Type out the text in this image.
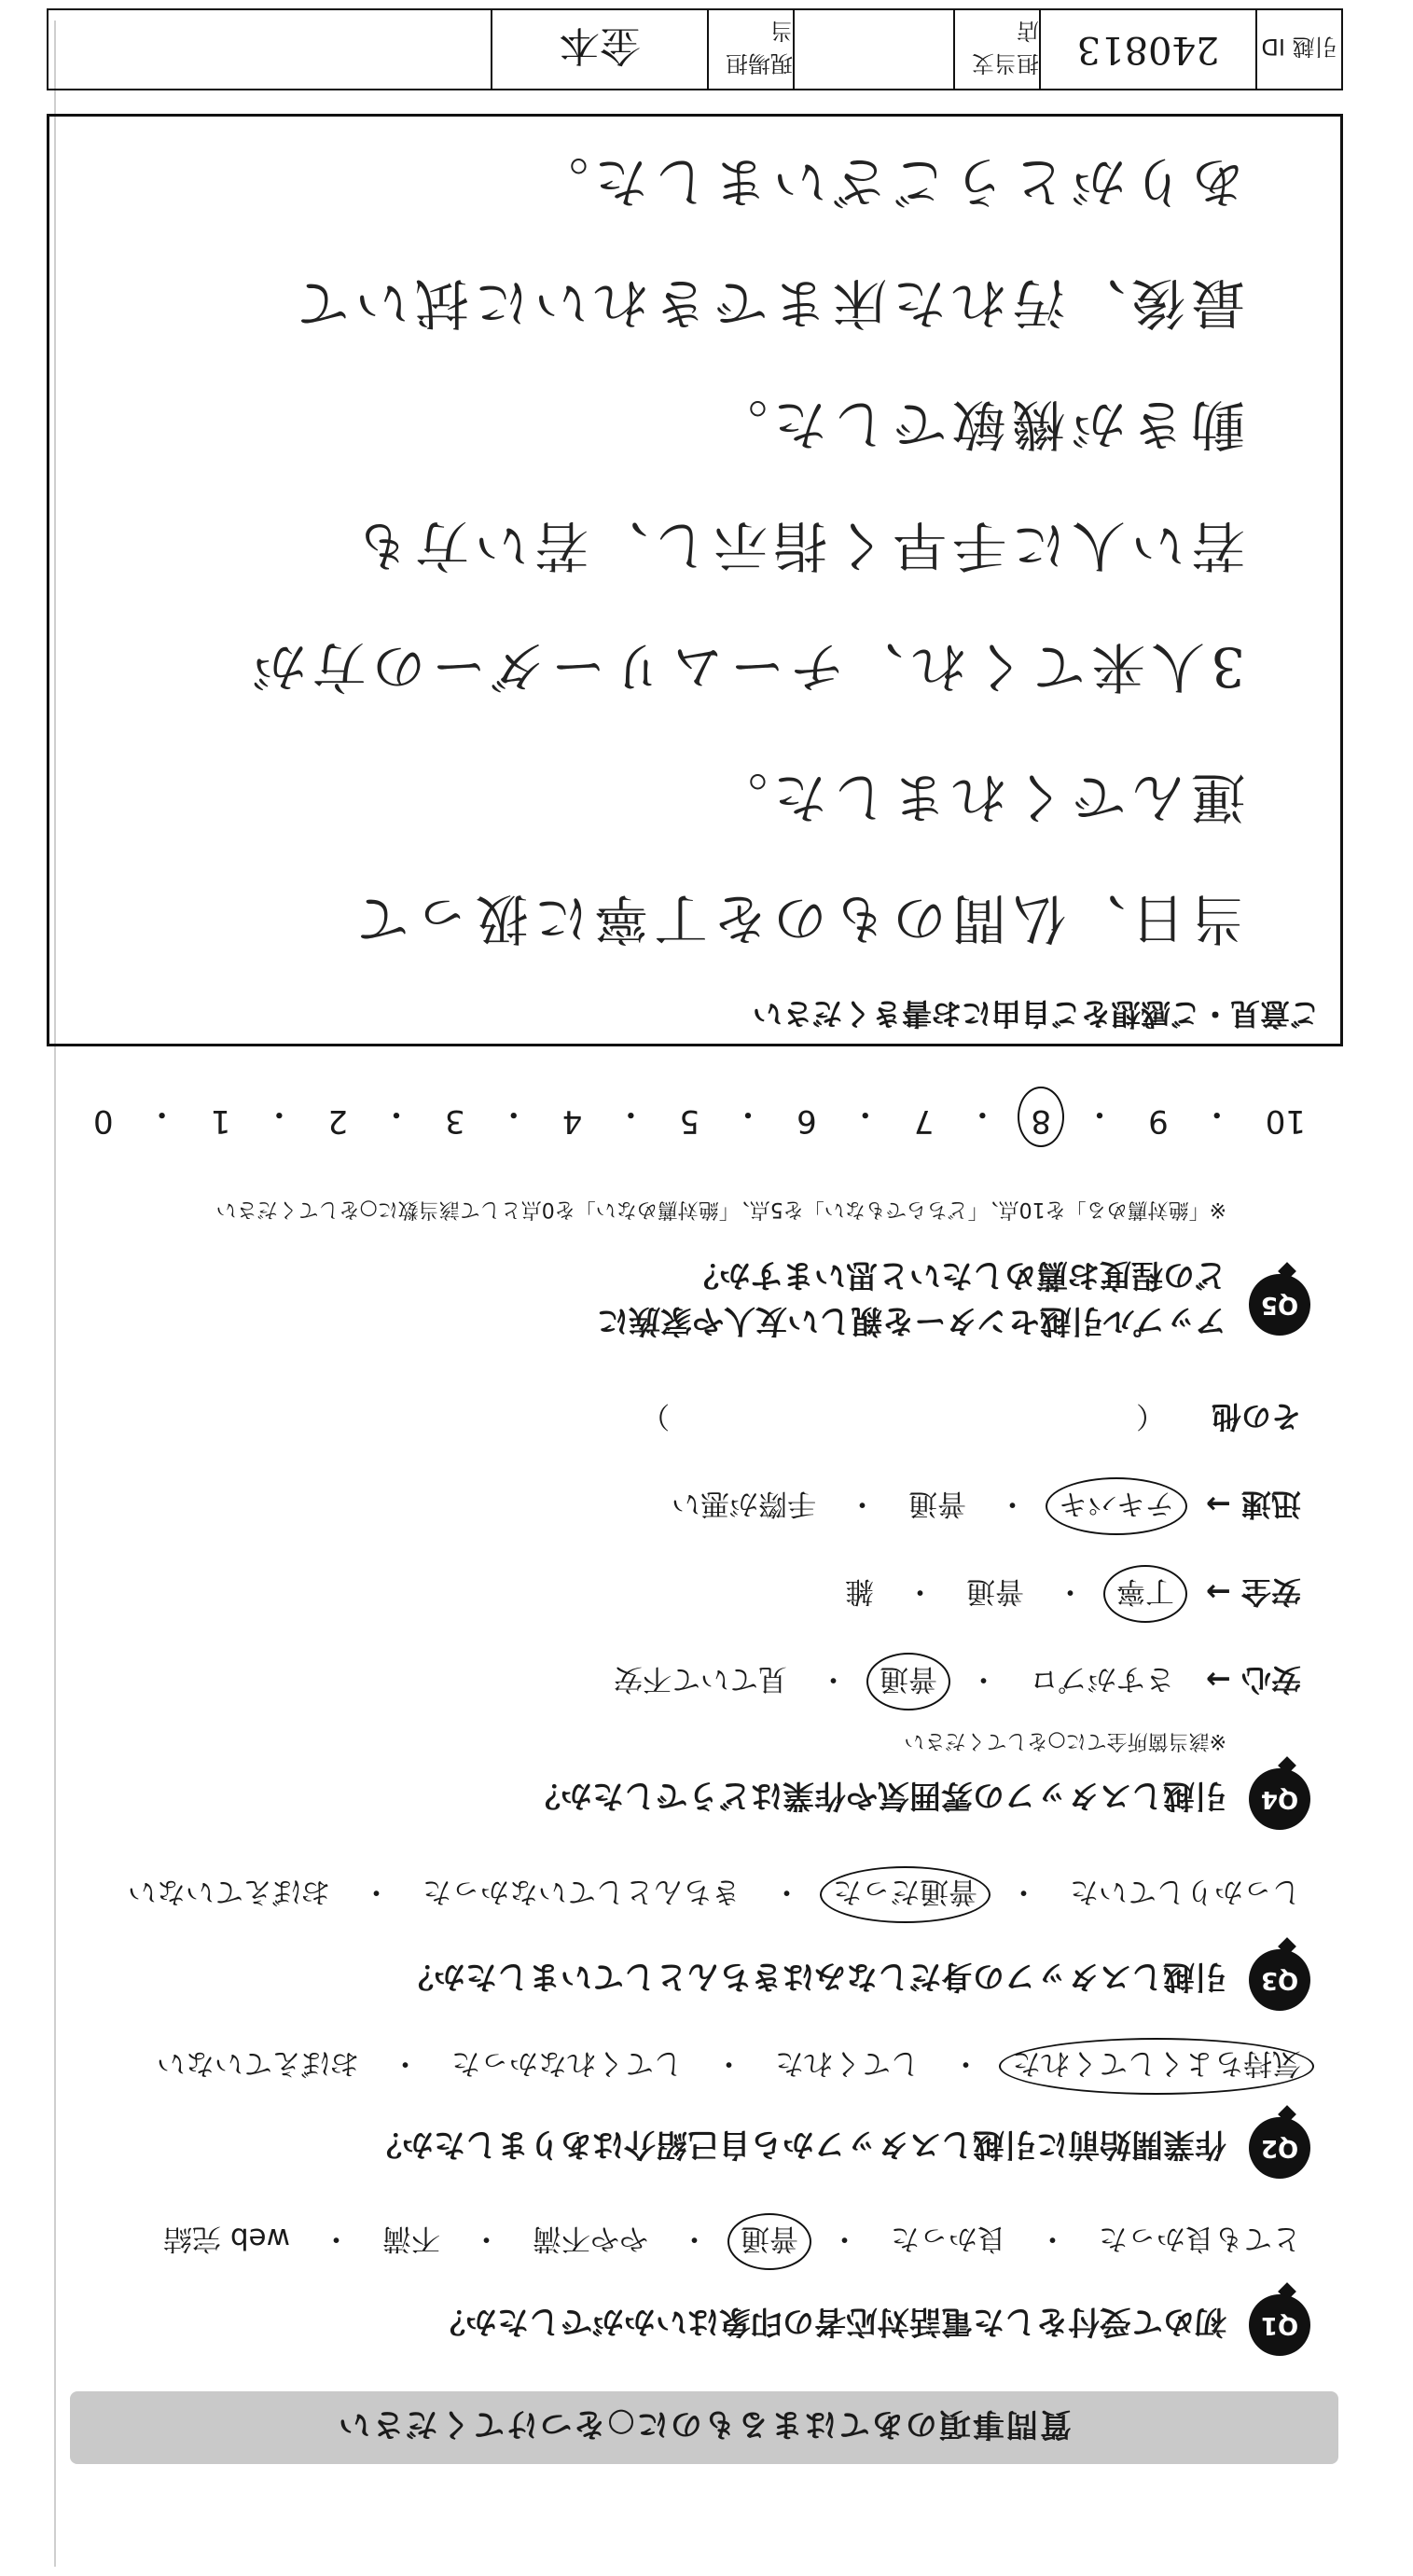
質問事項のあてはまるものに○をつけてください
Q1
初めて受付をした電話対応者の印象はいかがでしたか？
とても良かった
・
良かった
・
普通
・
やや不満
・
不満
・
web 完結
Q2
作業開始前に引越しスタッフから自己紹介はありましたか？
気持ちよくしてくれた
・
してくれた
・
してくれなかった
・
おぼえていない
Q3
引越しスタッフの身だしなみはきちんとしていましたか？
しっかりしていた
・
普通だった
・
きちんとしていなかった
・
おぼえていない
Q4
引越しスタッフの雰囲気や作業はどうでしたか？
※該当箇所全てに○をしてください
安心 →
さすがプロ
・
普通
・
見ていて不安
安全 →
丁寧
・
普通
・
雑
迅速 →
テキパキ
・
普通
・
手際が悪い
その他 （
）
Q5
アップル引越センターを親しい友人や家族に
どの程度お薦めしたいと思いますか？
※「絶対薦める」を10点、「どちらでもない」を5点、「絶対薦めない」を0点として該当数に○をしてください
10
・
9
・
8
・
7
・
6
・
5
・
4
・
3
・
2
・
1
・
0
ご意見・ご感想をご自由にお書きください
当日、仏間のものを丁寧に扱って
運んでくれました。
3人来てくれ、チームリーダーの方が
若い人に手早く指示し、若い方も
動きが機敏でした。
最後、汚れた床まできれいに拭いて
ありがとうございました。
引越 ID
240813
担当支店
現場担当
金本
